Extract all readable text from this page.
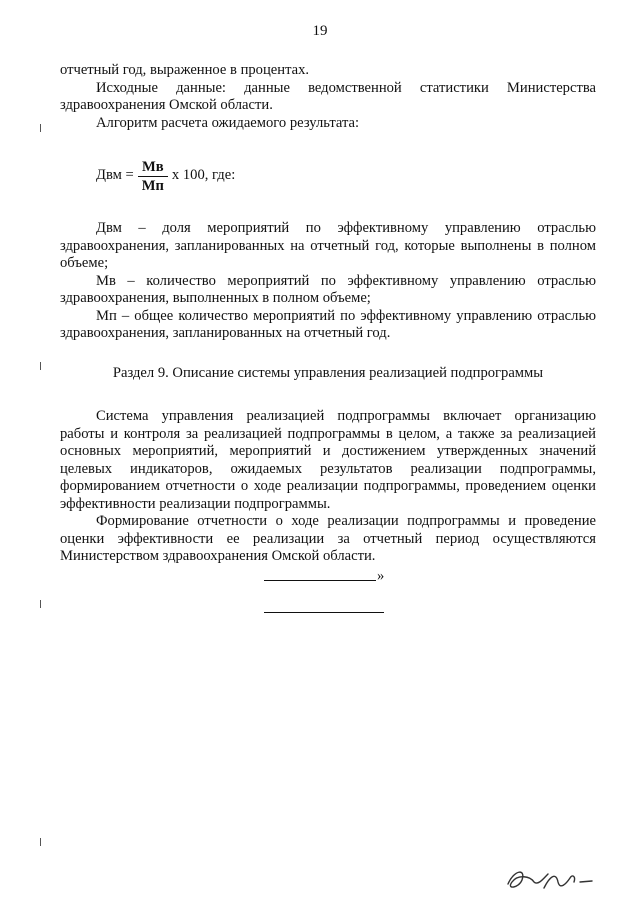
19

отчетный год, выраженное в процентах.

Исходные данные: данные ведомственной статистики Министерства здравоохранения Омской области.

Алгоритм расчета ожидаемого результата:

Двм = $\frac{Мв}{Мп}$ х 100, где:

Двм – доля мероприятий по эффективному управлению отраслью здравоохранения, запланированных на отчетный год, которые выполнены в полном объеме;

Мв – количество мероприятий по эффективному управлению отраслью здравоохранения, выполненных в полном объеме;

Мп – общее количество мероприятий по эффективному управлению отраслью здравоохранения, запланированных на отчетный год.

Раздел 9. Описание системы управления реализацией подпрограммы

Система управления реализацией подпрограммы включает организацию работы и контроля за реализацией подпрограммы в целом, а также за реализацией основных мероприятий, мероприятий и достижением утвержденных значений целевых индикаторов, ожидаемых результатов реализации подпрограммы, формированием отчетности о ходе реализации подпрограммы, проведением оценки эффективности реализации подпрограммы.

Формирование отчетности о ходе реализации подпрограммы и проведение оценки эффективности ее реализации за отчетный период осуществляются Министерством здравоохранения Омской области.

»
